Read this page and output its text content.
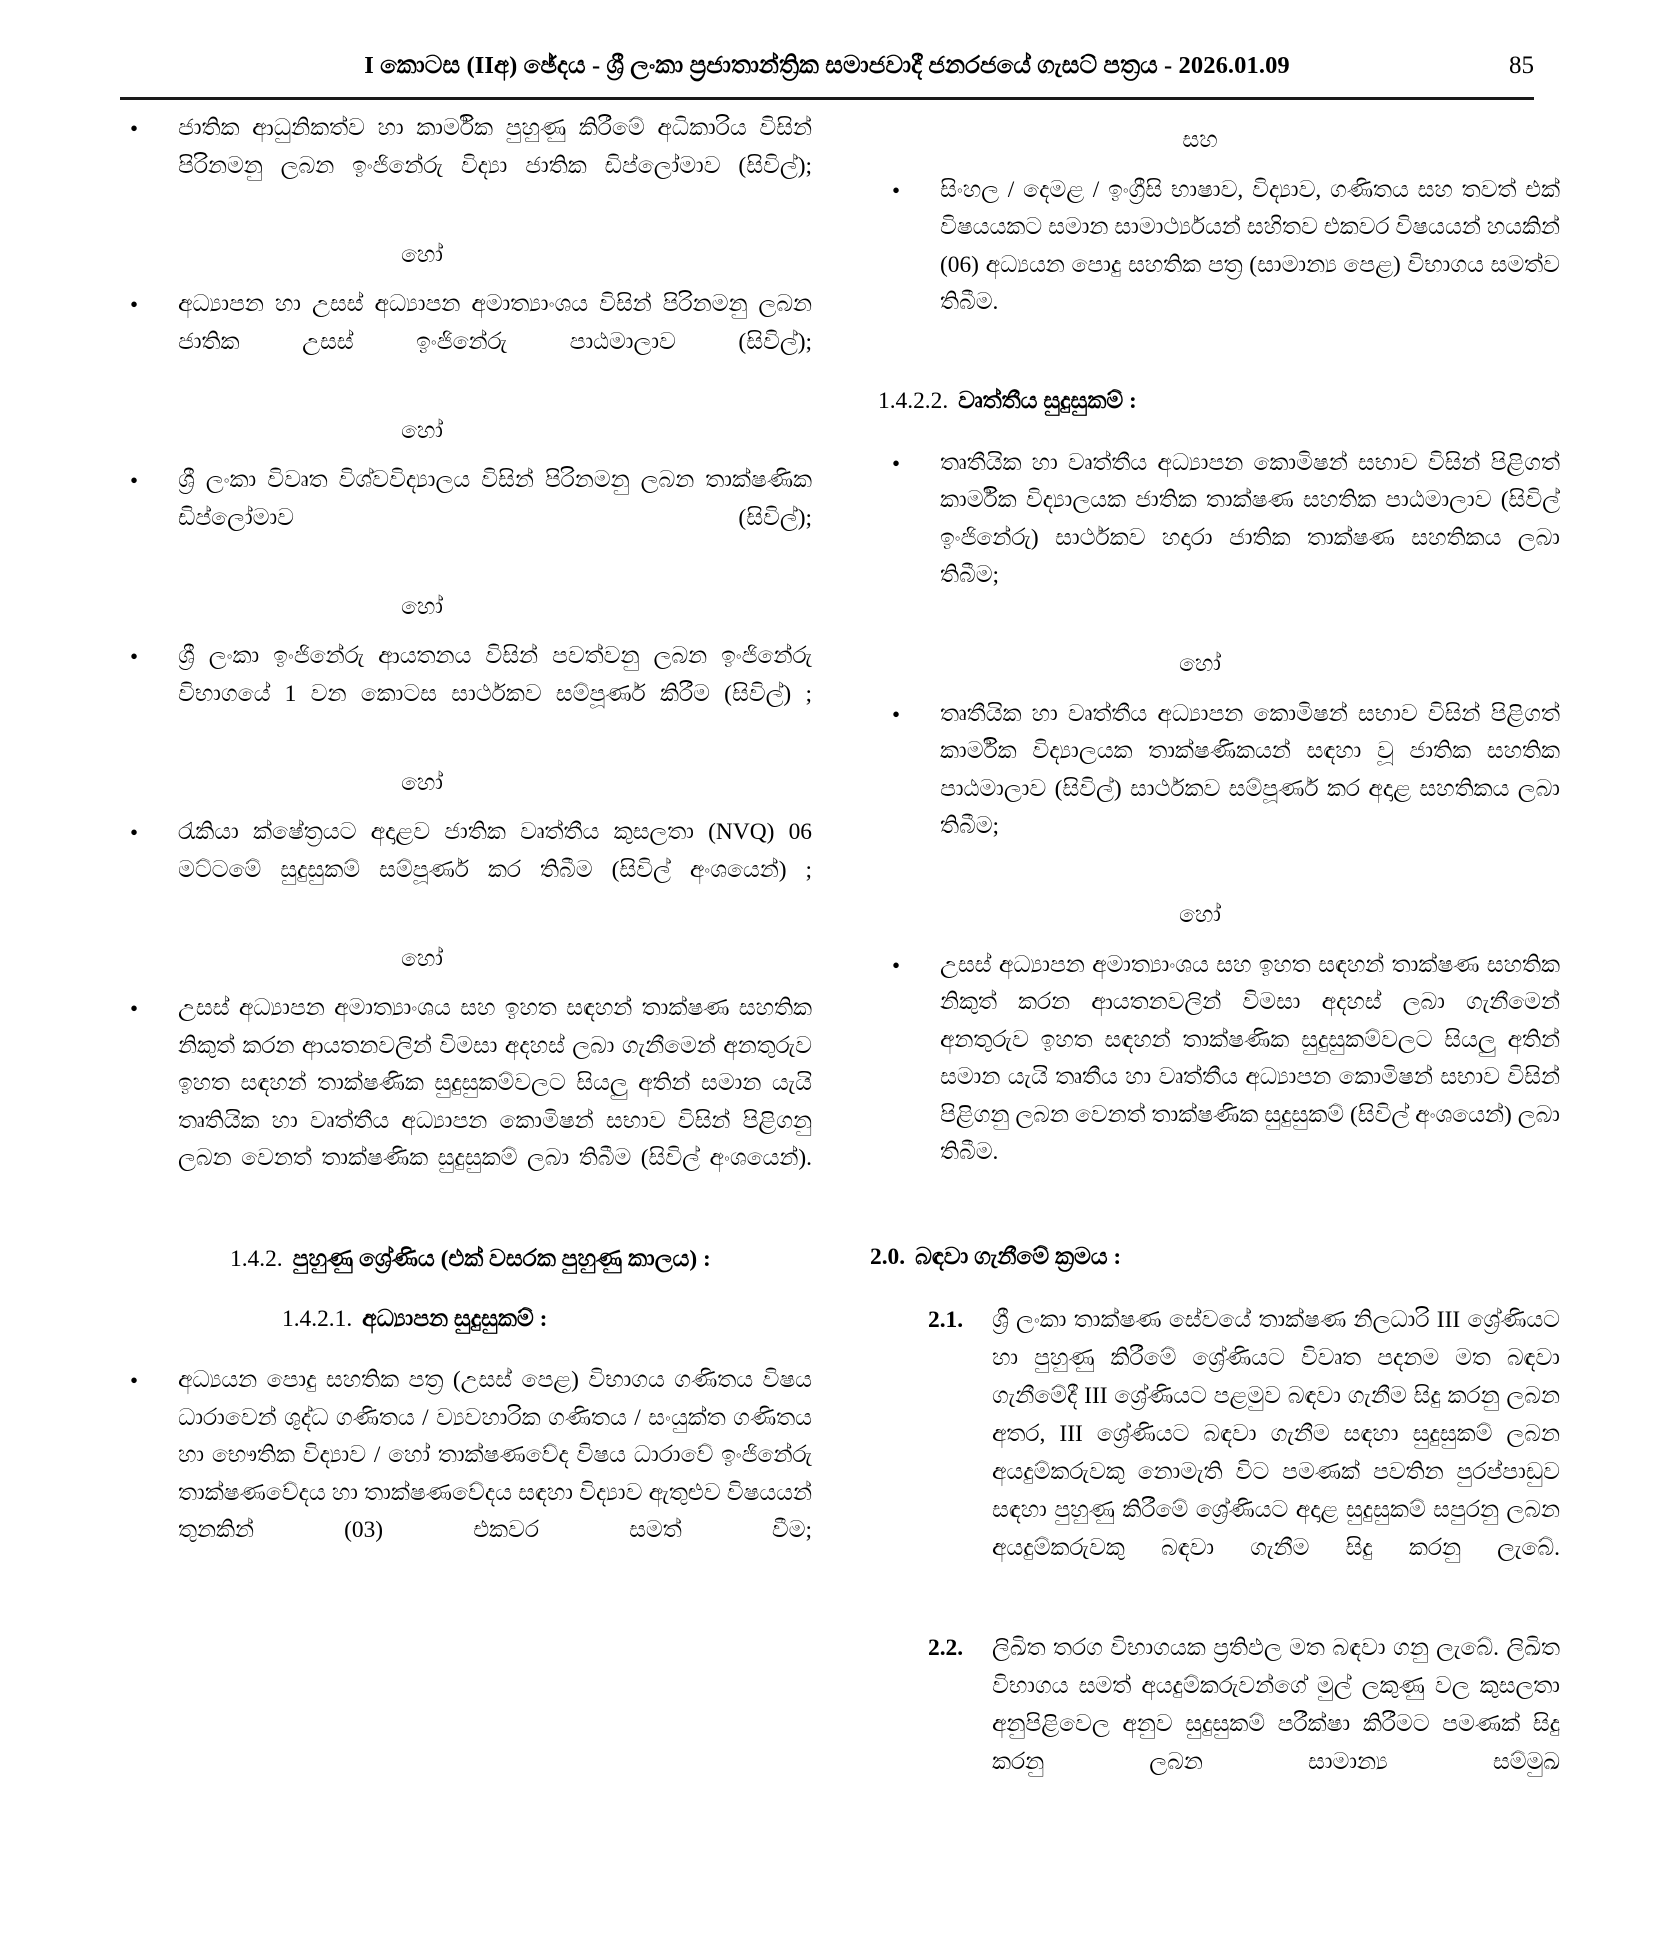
I කොටස (IIඅ) ඡේදය - ශ්‍රී ලංකා ප්‍රජාතාන්ත්‍රික සමාජවාදී ජනරජයේ ගැසට් පත්‍රය - 2026.01.09	85
•	ජාතික ආධුනිකත්ව හා කාර්මික පුහුණු කිරීමේ අධිකාරිය විසින් පිරිනමනු ලබන ඉංජිනේරු විද්‍යා ජාතික ඩිප්ලෝමාව (සිවිල්);
හෝ
•	අධ්‍යාපන හා උසස් අධ්‍යාපන අමාත්‍යාංශය විසින් පිරිනමනු ලබන ජාතික උසස් ඉංජිනේරු පාඨමාලාව (සිවිල්);
හෝ
•	ශ්‍රී ලංකා විවෘත විශ්වවිද්‍යාලය විසින් පිරිනමනු ලබන තාක්ෂණික ඩිප්ලෝමාව (සිවිල්);
හෝ
•	ශ්‍රී ලංකා ඉංජිනේරු ආයතනය විසින් පවත්වනු ලබන ඉංජිනේරු විභාගයේ 1 වන කොටස සාර්ථකව සම්පූර්ණ කිරීම (සිවිල්) ;
හෝ
•	රැකියා ක්ෂේත්‍රයට අදාළව ජාතික වෘත්තීය කුසලතා (NVQ) 06 මට්ටමේ සුදුසුකම් සම්පූර්ණ කර තිබීම (සිවිල් අංශයෙන්) ;
හෝ
•	උසස් අධ්‍යාපන අමාත්‍යාංශය සහ ඉහත සඳහන් තාක්ෂණ සහතික නිකුත් කරන ආයතනවලින් විමසා අදහස් ලබා ගැනීමෙන් අනතුරුව ඉහත සඳහන් තාක්ෂණික සුදුසුකම්වලට සියලු අතින් සමාන යැයි තෘතියික හා වෘත්තීය අධ්‍යාපන කොමිෂන් සභාව විසින් පිළිගනු ලබන වෙනත් තාක්ෂණික සුදුසුකම් ලබා තිබීම (සිවිල් අංශයෙන්).
1.4.2. පුහුණු ශ්‍රේණිය (එක් වසරක පුහුණු කාලය) :
1.4.2.1. අධ්‍යාපන සුදුසුකම් :
•	අධ්‍යයන පොදු සහතික පත්‍ර (උසස් පෙළ) විභාගය ගණිතය විෂය ධාරාවෙන් ශුද්ධ ගණිතය / ව්‍යවහාරික ගණිතය / සංයුක්ත ගණිතය හා භෞතික විද්‍යාව / හෝ තාක්ෂණවේද විෂය ධාරාවේ ඉංජිනේරු තාක්ෂණවේදය හා තාක්ෂණවේදය සඳහා විද්‍යාව ඇතුළුව විෂයයන් තුනකින් (03) එකවර සමත් වීම;
සහ
•	සිංහල / දෙමළ / ඉංග්‍රීසි භාෂාව, විද්‍යාව, ගණිතය සහ තවත් එක් විෂයයකට සමාන සාමාර්ථ්‍යයන් සහිතව එකවර විෂයයන් හයකින් (06) අධ්‍යයන පොදු සහතික පත්‍ර (සාමාන්‍ය පෙළ) විභාගය සමත්ව තිබීම.
1.4.2.2. වෘත්තීය සුදුසුකම් :
•	තෘතීයික හා වෘත්තීය අධ්‍යාපන කොමිෂන් සභාව විසින් පිළිගත් කාර්මික විද්‍යාලයක ජාතික තාක්ෂණ සහතික පාඨමාලාව (සිවිල් ඉංජිනේරු) සාර්ථකව හදාරා ජාතික තාක්ෂණ සහතිකය ලබා තිබීම;
හෝ
•	තෘතීයික හා වෘත්තීය අධ්‍යාපන කොමිෂන් සභාව විසින් පිළිගත් කාර්මික විද්‍යාලයක තාක්ෂණිකයන් සඳහා වූ ජාතික සහතික පාඨමාලාව (සිවිල්) සාර්ථකව සම්පූර්ණ කර අදාළ සහතිකය ලබා තිබීම;
හෝ
•	උසස් අධ්‍යාපන අමාත්‍යාංශය සහ ඉහත සඳහන් තාක්ෂණ සහතික නිකුත් කරන ආයතනවලින් විමසා අදහස් ලබා ගැනීමෙන් අනතුරුව ඉහත සඳහන් තාක්ෂණික සුදුසුකම්වලට සියලු අතින් සමාන යැයි තෘතීය හා වෘත්තීය අධ්‍යාපන කොමිෂන් සභාව විසින් පිළිගනු ලබන වෙනත් තාක්ෂණික සුදුසුකම් (සිවිල් අංශයෙන්) ලබා තිබීම.
2.0. බඳවා ගැනීමේ ක්‍රමය :
2.1.	ශ්‍රී ලංකා තාක්ෂණ සේවයේ තාක්ෂණ නිලධාරි III ශ්‍රේණියට හා පුහුණු කිරීමේ ශ්‍රේණියට විවෘත පදනම මත බඳවා ගැනීමේදී III ශ්‍රේණියට පළමුව බඳවා ගැනීම සිදු කරනු ලබන අතර, III ශ්‍රේණියට බඳවා ගැනීම සඳහා සුදුසුකම් ලබන අයදුම්කරුවකු නොමැති විට පමණක් පවතින පුරප්පාඩුව සඳහා පුහුණු කිරීමේ ශ්‍රේණියට අදාළ සුදුසුකම් සපුරනු ලබන අයදුම්කරුවකු බඳවා ගැනීම සිදු කරනු ලැබේ.
2.2.	ලිඛිත තරග විභාගයක ප්‍රතිඵල මත බඳවා ගනු ලැබේ. ලිඛිත විභාගය සමත් අයදුම්කරුවන්ගේ මුල් ලකුණු වල කුසලතා අනුපිළිවෙල අනුව සුදුසුකම් පරීක්ෂා කිරීමට පමණක් සිදු කරනු ලබන සාමාන්‍ය සම්මුඛ
